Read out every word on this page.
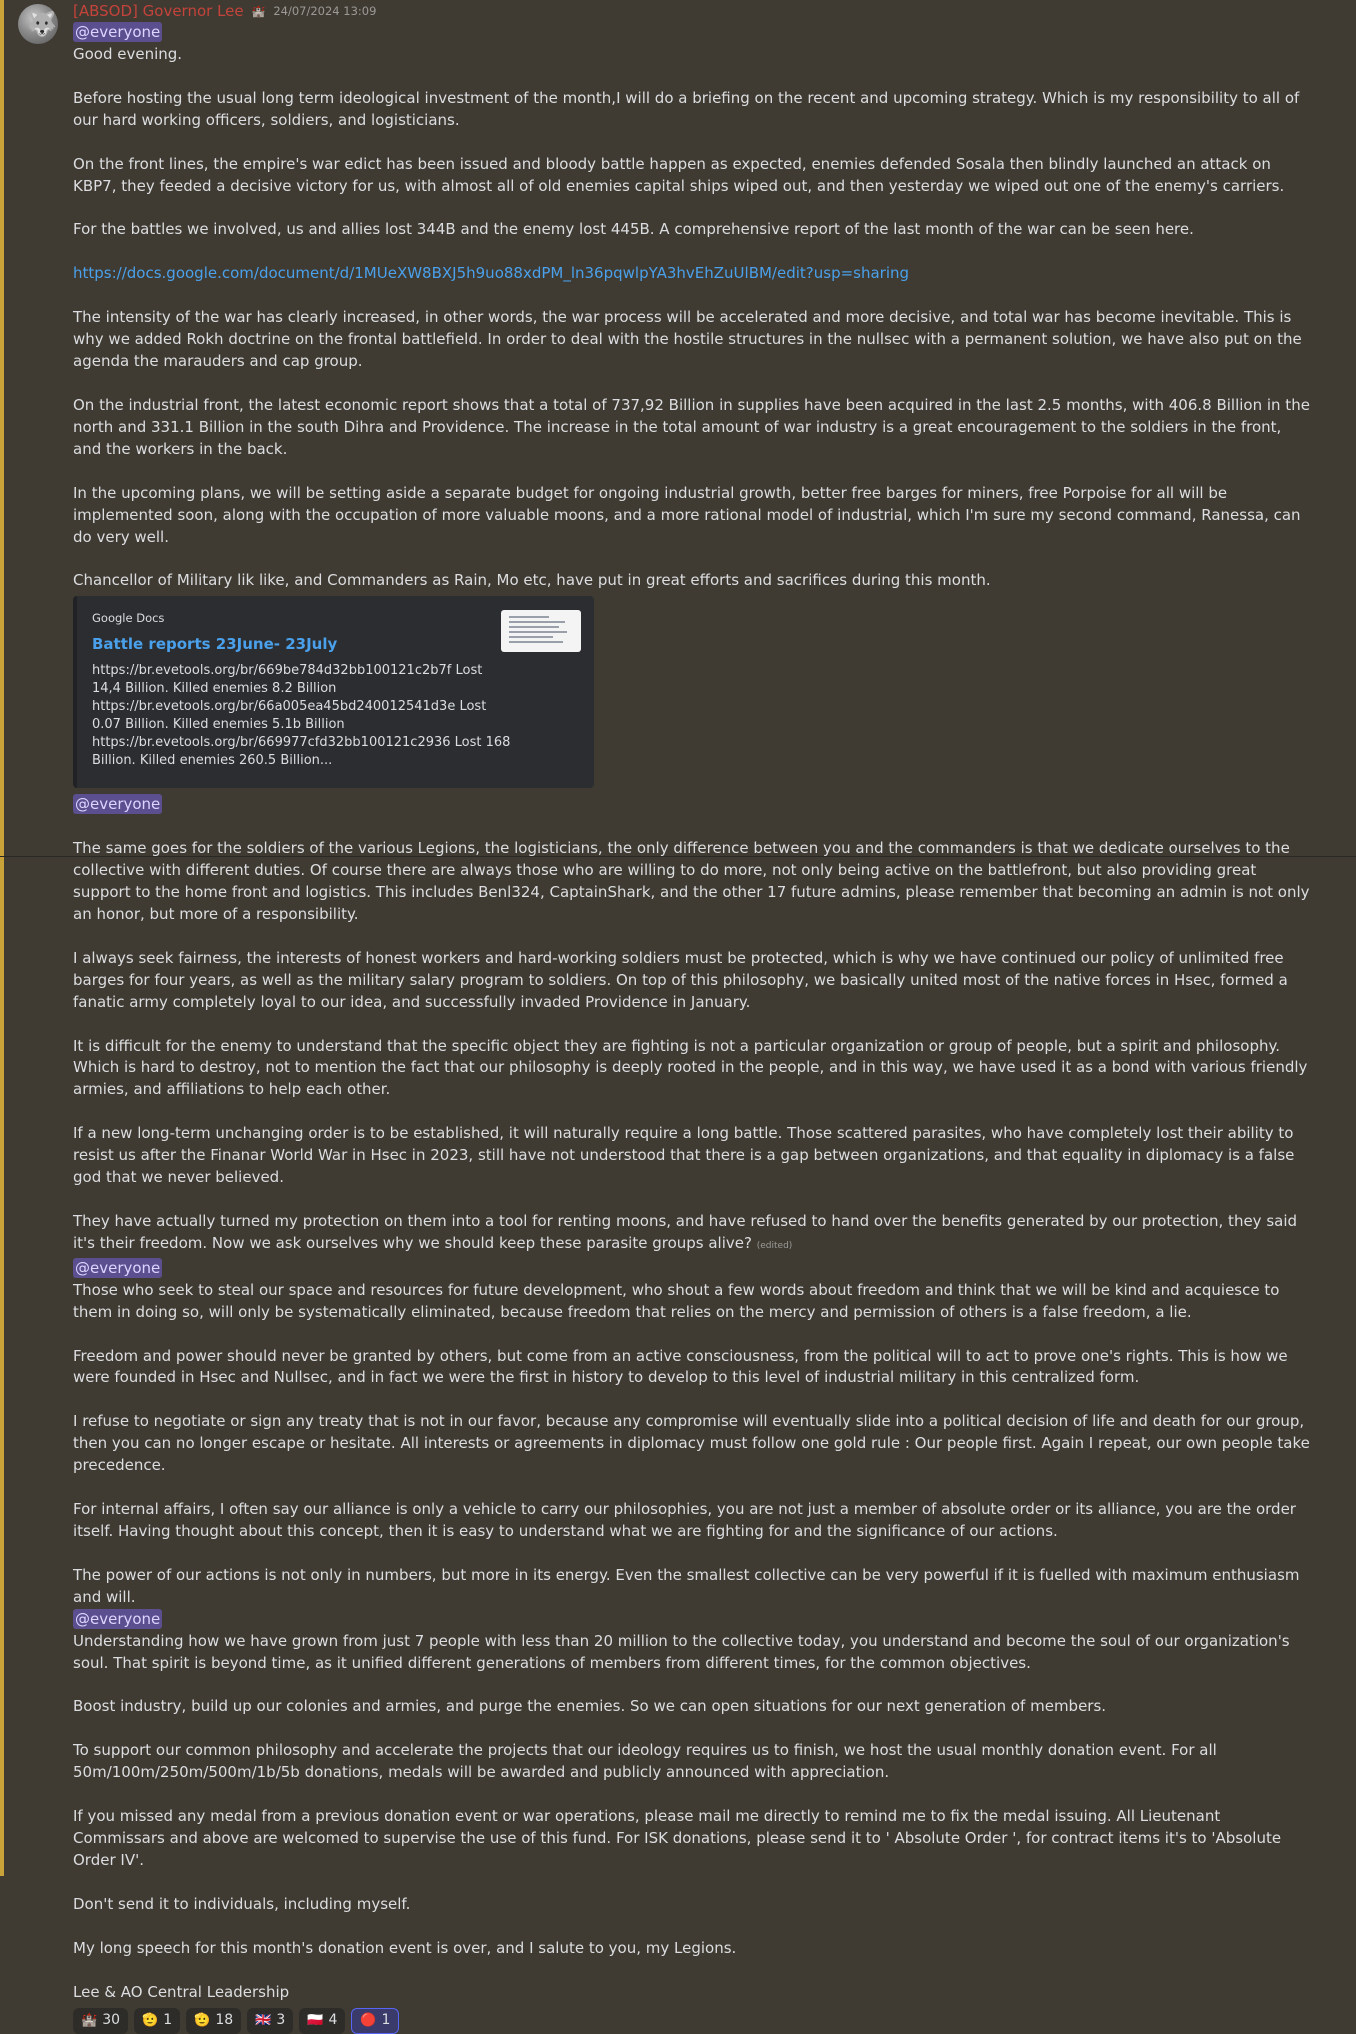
🐺 [ABSOD] Governor Lee 🏰 24/07/2024 13:09
@everyone

Good evening.

Before hosting the usual long term ideological investment of the month,I will do a briefing on the recent and upcoming strategy. Which is my responsibility to all of our hard working officers, soldiers, and logisticians.

On the front lines, the empire's war edict has been issued and bloody battle happen as expected, enemies defended Sosala then blindly launched an attack on KBP7, they feeded a decisive victory for us, with almost all of old enemies capital ships wiped out, and then yesterday we wiped out one of the enemy's carriers.

For the battles we involved, us and allies lost 344B and the enemy lost 445B. A comprehensive report of the last month of the war can be seen here.

https://docs.google.com/document/d/1MUeXW8BXJ5h9uo88xdPM_ln36pqwlpYA3hvEhZuUlBM/edit?usp=sharing

The intensity of the war has clearly increased, in other words, the war process will be accelerated and more decisive, and total war has become inevitable. This is why we added Rokh doctrine on the frontal battlefield. In order to deal with the hostile structures in the nullsec with a permanent solution, we have also put on the agenda the marauders and cap group.

On the industrial front, the latest economic report shows that a total of 737,92 Billion in supplies have been acquired in the last 2.5 months, with 406.8 Billion in the north and 331.1 Billion in the south Dihra and Providence. The increase in the total amount of war industry is a great encouragement to the soldiers in the front, and the workers in the back.

In the upcoming plans, we will be setting aside a separate budget for ongoing industrial growth, better free barges for miners, free Porpoise for all will be implemented soon, along with the occupation of more valuable moons, and a more rational model of industrial, which I'm sure my second command, Ranessa, can do very well.

Chancellor of Military lik like, and Commanders as Rain, Mo etc, have put in great efforts and sacrifices during this month.

Google Docs
Battle reports 23June- 23July
https://br.evetools.org/br/669be784d32bb100121c2b7f Lost 14,4 Billion. Killed enemies 8.2 Billion https://br.evetools.org/br/66a005ea45bd240012541d3e Lost 0.07 Billion. Killed enemies 5.1b Billion https://br.evetools.org/br/669977cfd32bb100121c2936 Lost 168 Billion. Killed enemies 260.5 Billion...
@everyone

The same goes for the soldiers of the various Legions, the logisticians, the only difference between you and the commanders is that we dedicate ourselves to the collective with different duties. Of course there are always those who are willing to do more, not only being active on the battlefront, but also providing great support to the home front and logistics. This includes Benl324, CaptainShark, and the other 17 future admins, please remember that becoming an admin is not only an honor, but more of a responsibility.

I always seek fairness, the interests of honest workers and hard-working soldiers must be protected, which is why we have continued our policy of unlimited free barges for four years, as well as the military salary program to soldiers. On top of this philosophy, we basically united most of the native forces in Hsec, formed a fanatic army completely loyal to our idea, and successfully invaded Providence in January.

It is difficult for the enemy to understand that the specific object they are fighting is not a particular organization or group of people, but a spirit and philosophy. Which is hard to destroy, not to mention the fact that our philosophy is deeply rooted in the people, and in this way, we have used it as a bond with various friendly armies, and affiliations to help each other.

If a new long-term unchanging order is to be established, it will naturally require a long battle. Those scattered parasites, who have completely lost their ability to resist us after the Finanar World War in Hsec in 2023, still have not understood that there is a gap between organizations, and that equality in diplomacy is a false god that we never believed.

They have actually turned my protection on them into a tool for renting moons, and have refused to hand over the benefits generated by our protection, they said it's their freedom. Now we ask ourselves why we should keep these parasite groups alive? (edited)

@everyone

Those who seek to steal our space and resources for future development, who shout a few words about freedom and think that we will be kind and acquiesce to them in doing so, will only be systematically eliminated, because freedom that relies on the mercy and permission of others is a false freedom, a lie.

Freedom and power should never be granted by others, but come from an active consciousness, from the political will to act to prove one's rights. This is how we were founded in Hsec and Nullsec, and in fact we were the first in history to develop to this level of industrial military in this centralized form.

I refuse to negotiate or sign any treaty that is not in our favor, because any compromise will eventually slide into a political decision of life and death for our group, then you can no longer escape or hesitate. All interests or agreements in diplomacy must follow one gold rule : Our people first. Again I repeat, our own people take precedence.

For internal affairs, I often say our alliance is only a vehicle to carry our philosophies, you are not just a member of absolute order or its alliance, you are the order itself. Having thought about this concept, then it is easy to understand what we are fighting for and the significance of our actions.

The power of our actions is not only in numbers, but more in its energy. Even the smallest collective can be very powerful if it is fuelled with maximum enthusiasm and will.

@everyone

Understanding how we have grown from just 7 people with less than 20 million to the collective today, you understand and become the soul of our organization's soul. That spirit is beyond time, as it unified different generations of members from different times, for the common objectives.

Boost industry, build up our colonies and armies, and purge the enemies. So we can open situations for our next generation of members.

To support our common philosophy and accelerate the projects that our ideology requires us to finish, we host the usual monthly donation event. For all 50m/100m/250m/500m/1b/5b donations, medals will be awarded and publicly announced with appreciation.

If you missed any medal from a previous donation event or war operations, please mail me directly to remind me to fix the medal issuing. All Lieutenant Commissars and above are welcomed to supervise the use of this fund. For ISK donations, please send it to ' Absolute Order ', for contract items it's to 'Absolute Order IV'.

Don't send it to individuals, including myself.

My long speech for this month's donation event is over, and I salute to you, my Legions.

Lee & AO Central Leadership

🏰 30 🫡 1 🫡 18 🇬🇧 3 🇵🇱 4 🔴 1
